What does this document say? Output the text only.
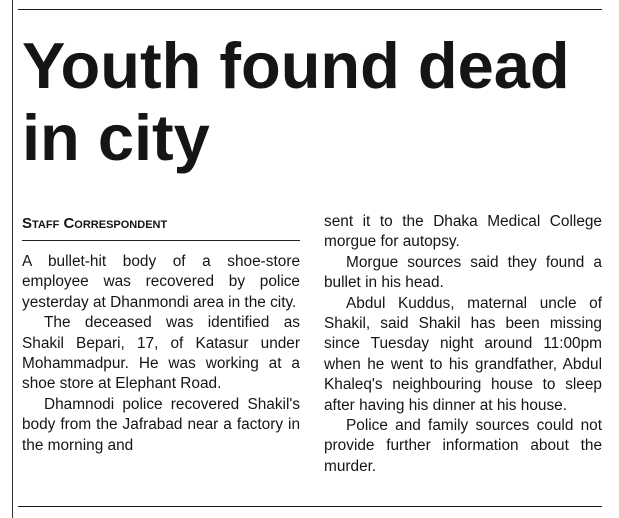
Youth found dead in city
Staff Correspondent

A bullet-hit body of a shoe-store employee was recovered by police yesterday at Dhanmondi area in the city.

The deceased was identified as Shakil Bepari, 17, of Katasur under Mohammadpur. He was working at a shoe store at Elephant Road.

Dhamnodi police recovered Shakil's body from the Jafrabad near a factory in the morning and

sent it to the Dhaka Medical College morgue for autopsy.

Morgue sources said they found a bullet in his head.

Abdul Kuddus, maternal uncle of Shakil, said Shakil has been missing since Tuesday night around 11:00pm when he went to his grandfather, Abdul Khaleq's neighbouring house to sleep after having his dinner at his house.

Police and family sources could not provide further information about the murder.
